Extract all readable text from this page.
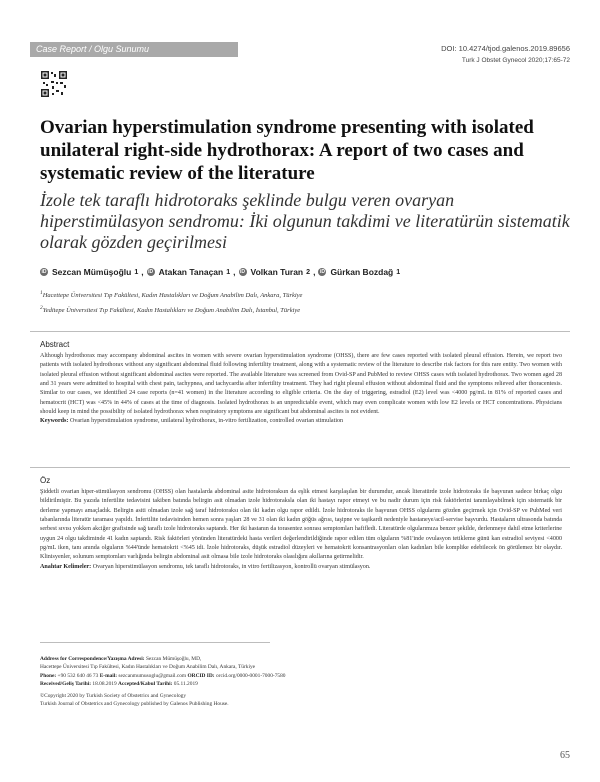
Case Report / Olgu Sunumu	DOI: 10.4274/tjod.galenos.2019.89656
Turk J Obstet Gynecol 2020;17:65-72
Ovarian hyperstimulation syndrome presenting with isolated unilateral right-side hydrothorax: A report of two cases and systematic review of the literature
İzole tek taraflı hidrotoraks şeklinde bulgu veren ovaryan hiperstimülasyon sendromu: İki olgunun takdimi ve literatürün sistematik olarak gözden geçirilmesi
iD Sezcan Mümüşoğlu 1 , iD Atakan Tanaçan 1 , iD Volkan Turan 2 , iD Gürkan Bozdağ 1
$^1$Hacettepe Üniversitesi Tıp Fakültesi, Kadın Hastalıkları ve Doğum Anabilim Dalı, Ankara, Türkiye
$^2$Yeditepe Üniversitesi Tıp Fakültesi, Kadın Hastalıkları ve Doğum Anabilim Dalı, İstanbul, Türkiye
Abstract
Although hydrothorax may accompany abdominal ascites in women with severe ovarian hyperstimulation syndrome (OHSS), there are few cases reported with isolated pleural effusion. Herein, we report two patients with isolated hydrothorax without any significant abdominal fluid following infertility treatment, along with a systematic review of the literature to describe risk factors for this rare entity. Two women with isolated pleural effusion without significant abdominal ascites were reported. The available literature was screened from Ovid-SP and PubMed to review OHSS cases with isolated hydrothorax. Two women aged 28 and 31 years were admitted to hospital with chest pain, tachypnea, and tachycardia after infertility treatment. They had right pleural effusion without abdominal fluid and the symptoms relieved after thoracentesis. Similar to our cases, we identified 24 case reports (n=41 women) in the literature according to eligible criteria. On the day of triggering, estradiol (E2) level was <4000 pg/mL in 81% of reported cases and hematocrit (HCT) was <45% in 44% of cases at the time of diagnosis. Isolated hydrothorax is an unpredictable event, which may even complicate women with low E2 levels or HCT concentrations. Physicians should keep in mind the possibility of isolated hydrothorax when respiratory symptoms are significant but abdominal ascites is not evident.
Keywords: Ovarian hyperstimulation syndrome, unilateral hydrothorax, in-vitro fertilization, controlled ovarian stimulation
Öz
Şiddetli ovarian hiper-stimülasyon sendromu (OHSS) olan hastalarda abdominal asite hidrotoraksın da eşlik etmesi karşılaşılan bir durumdur, ancak literatürde izole hidrotoraks ile başvuran sadece birkaç olgu bildirilmiştir. Bu yazıda infertilite tedavisini takiben batında belirgin asit olmadan izole hidrotoraksla olan iki hastayı rapor etmeyi ve bu nadir durum için risk faktörlerini tanımlayabilmek için sistematik bir derleme yapmayı amaçladık. Belirgin asiti olmadan izole sağ taraf hidrotoraksı olan iki kadın olgu rapor edildi. İzole hidrotoraks ile başvuran OHSS olgularını gözden geçirmek için Ovid-SP ve PubMed veri tabanlarında literatür taraması yapıldı. İnfertilite tedavisinden hemen sonra yaşları 28 ve 31 olan iki kadın göğüs ağrısı, taşipne ve taşikardi nedeniyle hastaneye/acil-servise başvurdu. Hastaların ultrasonda batında serbest sıvısı yokken akciğer grafisinde sağ taraflı izole hidrotoraks saptandı. Her iki hastanın da torasentez sonrası semptomları hafifledi. Literatürde olgularımıza benzer şekilde, derlenmeye dahil etme kriterlerine uygun 24 olgu takdiminde 41 kadın saptandı. Risk faktörleri yönünden literatürdeki hasta verileri değerlendirildiğinde rapor edilen tüm olguların %81'inde ovulasyon tetikleme günü kan estradiol seviyesi <4000 pg/mL iken, tanı anında olguların %44'ünde hematokrit <%45 idi. İzole hidrotoraks, düşük estradiol düzeyleri ve hematokrit konsantrasyonları olan kadınları bile komplike edebilecek ön görülemez bir olaydır. Klinisyenler, solunum semptomları varlığında belirgin abdominal asit olmasa bile izole hidrotoraks olasılığını akıllarına getirmelidir.
Anahtar Kelimeler: Ovaryan hiperstimülasyon sendromu, tek taraflı hidrotoraks, in vitro fertilizasyon, kontrollü ovaryan stimülasyon.
Address for Correspondence/Yazışma Adresi: Sezcan Mümüşoğlu, MD,
Hacettepe Üniversitesi Tıp Fakültesi, Kadın Hastalıkları ve Doğum Anabilim Dalı, Ankara, Türkiye
Phone: +90 532 640 46 73 E-mail: sezcanmumusoglu@gmail.com ORCID ID: orcid.org/0000-0001-7000-7580
Received/Geliş Tarihi: 18.08.2019 Accepted/Kabul Tarihi: 05.11.2019
©Copyright 2020 by Turkish Society of Obstetrics and Gynecology
Turkish Journal of Obstetrics and Gynecology published by Galenos Publishing House.
65
